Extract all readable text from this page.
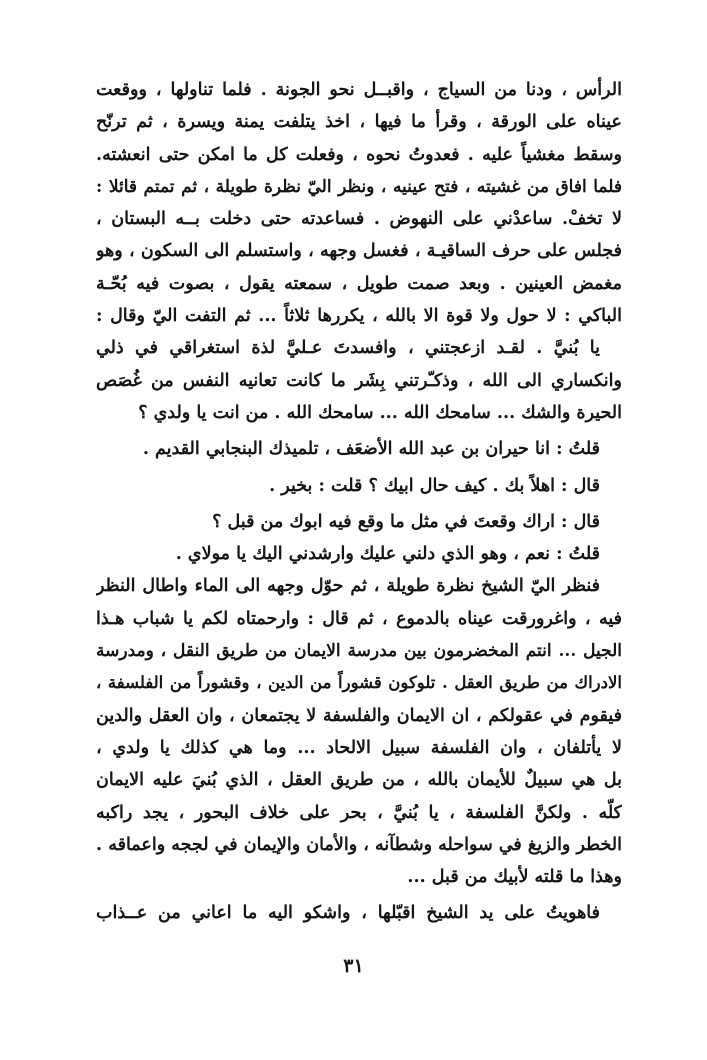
الرأس ، ودنا من السياج ، واقبــل نحو الجونة . فلما تناولها ، ووقعت
عيناه على الورقة ، وقرأ ما فيها ، اخذ يتلفت يمنة ويسرة ، ثم ترنّح
وسقط مغشياً عليه . فعدوتُ نحوه ، وفعلت كل ما امكن حتى انعشته.
فلما افاق من غشيته ، فتح عينيه ، ونظر اليّ نظرة طويلة ، ثم تمتم قائلا :
لا تخفْ. ساعدْني على النهوض . فساعدته حتى دخلت بــه البستان ،
فجلس على حرف الساقيـة ، فغسل وجهه ، واستسلم الى السكون ، وهو
مغمض العينين . وبعد صمت طويل ، سمعته يقول ، بصوت فيه بُحّـة
الباكي : لا حول ولا قوة الا بالله ، يكررها ثلاثاً ... ثم التفت اليّ وقال :
يا بُنيَّ . لقـد ازعجتني ، وافسدتَ عـليَّ لذة استغراقي في ذلي
وانكساري الى الله ، وذكـّرتني بِشَر ما كانت تعانيه النفس من غُصَص
الحيرة والشك ... سامحك الله ... سامحك الله . من انت يا ولدي ؟
قلتُ : انا حيران بن عبد الله الأضعَف ، تلميذك البنجابي القديم .
قال : اهلاً بك . كيف حال ابيك ؟ قلت : بخير .
قال : اراك وقعتَ في مثل ما وقع فيه ابوك من قبل ؟
قلتُ : نعم ، وهو الذي دلني عليك وارشدني اليك يا مولاي .
فنظر اليّ الشيخ نظرة طويلة ، ثم حوّل وجهه الى الماء واطال النظر
فيه ، واغرورقت عيناه بالدموع ، ثم قال : وارحمتاه لكم يا شباب هـذا
الجيل ... انتم المخضرمون بين مدرسة الايمان من طريق النقل ، ومدرسة
الادراك من طريق العقل . تلوكون قشوراً من الدين ، وقشوراً من الفلسفة ،
فيقوم في عقولكم ، ان الايمان والفلسفة لا يجتمعان ، وان العقل والدين
لا يأتلفان ، وان الفلسفة سبيل الالحاد ... وما هي كذلك يا ولدي ،
بل هي سبيلٌ للأيمان بالله ، من طريق العقل ، الذي بُنيَ عليه الايمان
كلّه . ولكنَّ الفلسفة ، يا بُنيَّ ، بحر على خلاف البحور ، يجد راكبه
الخطر والزيغ في سواحله وشطآنه ، والأمان والإيمان في لججه واعماقه .
وهذا ما قلته لأبيك من قبل ...
فاهويتُ على يد الشيخ اقبّلها ، واشكو اليه ما اعاني من عــذاب
٣١
